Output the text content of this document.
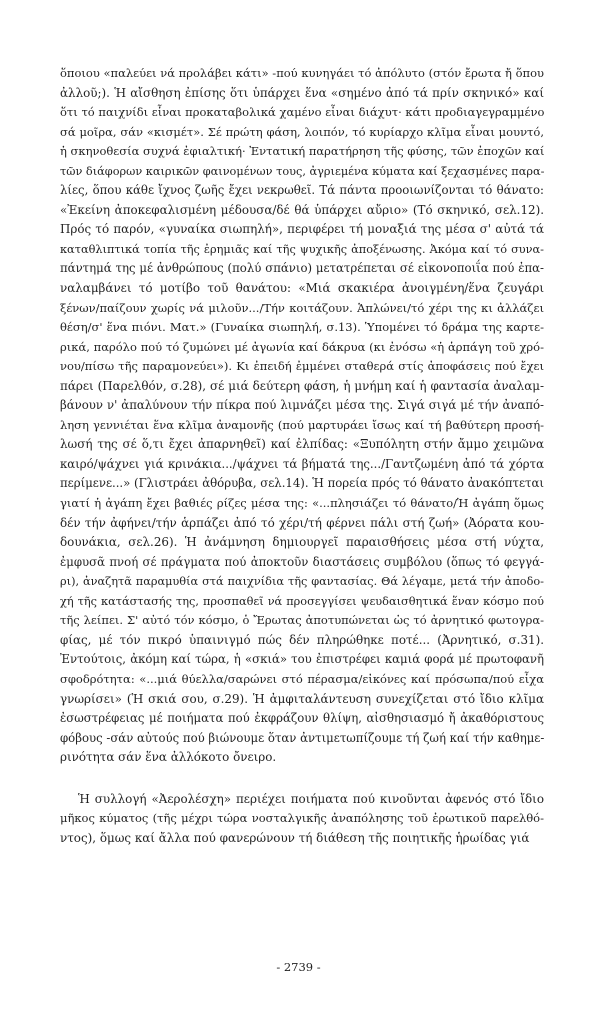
ὅποιου «παλεύει νά προλάβει κάτι» -πού κυνηγάει τό ἀπόλυτο (στόν ἔρωτα ἤ ὅπου
ἀλλοῦ;). Ἡ αἴσθηση ἐπίσης ὅτι ὑπάρχει ἕνα «σημένο ἀπό τά πρίν σκηνικό» καί
ὅτι τό παιχνίδι εἶναι προκαταβολικά χαμένο εἶναι διάχυτ· κάτι προδιαγεγραμμένο
σά μοῖρα, σάν «κισμέτ». Σέ πρώτη φάση, λοιπόν, τό κυρίαρχο κλῖμα εἶναι μουντό,
ἡ σκηνοθεσία συχνά ἐφιαλτική· Ἐντατική παρατήρηση τῆς φύσης, τῶν ἐποχῶν καί
τῶν διάφορων καιρικῶν φαινομένων τους, ἀγριεμένα κύματα καί ξεχασμένες παρα-
λίες, ὅπου κάθε ἴχνος ζωῆς ἔχει νεκρωθεῖ. Τά πάντα προοιωνίζονται τό θάνατο:
«Ἐκείνη ἀποκεφαλισμένη μέδουσα/δέ θά ὑπάρχει αὔριο» (Τό σκηνικό, σελ.12).
Πρός τό παρόν, «γυναίκα σιωπηλή», περιφέρει τή μοναξιά της μέσα σ' αὐτά τά
καταθλιπτικά τοπία τῆς ἐρημιᾶς καί τῆς ψυχικῆς ἀποξένωσης. Ἀκόμα καί τό συνα-
πάντημά της μέ ἀνθρώπους (πολύ σπάνιο) μετατρέπεται σέ εἰκονοποιΐα πού ἐπα-
ναλαμβάνει τό μοτίβο τοῦ θανάτου: «Μιά σκακιέρα ἀνοιγμένη/ἕνα ζευγάρι
ξένων/παίζουν χωρίς νά μιλοῦν.../Τήν κοιτάζουν. Ἁπλώνει/τό χέρι της κι ἀλλάζει
θέση/σ' ἕνα πιόνι. Ματ.» (Γυναίκα σιωπηλή, σ.13). Ὑπομένει τό δράμα της καρτε-
ρικά, παρόλο πού τό ζυμώνει μέ ἀγωνία καί δάκρυα (κι ἐνόσω «ἡ ἁρπάγη τοῦ χρό-
νου/πίσω τῆς παραμονεύει»). Κι ἐπειδή ἐμμένει σταθερά στίς ἀποφάσεις πού ἔχει
πάρει (Παρελθόν, σ.28), σέ μιά δεύτερη φάση, ἡ μνήμη καί ἡ φαντασία ἀναλαμ-
βάνουν ν' ἀπαλύνουν τήν πίκρα πού λιμνάζει μέσα της. Σιγά σιγά μέ τήν ἀναπό-
ληση γεννιέται ἕνα κλῖμα ἀναμονῆς (πού μαρτυράει ἴσως καί τή βαθύτερη προσή-
λωσή της σέ ὅ,τι ἔχει ἀπαρνηθεῖ) καί ἐλπίδας: «Ξυπόλητη στήν ἄμμο χειμῶνα
καιρό/ψάχνει γιά κρινάκια.../ψάχνει τά βήματά της.../Γαντζωμένη ἀπό τά χόρτα
περίμενε...» (Γλιστράει ἀθόρυβα, σελ.14). Ἡ πορεία πρός τό θάνατο ἀνακόπτεται
γιατί ἡ ἀγάπη ἔχει βαθιές ρίζες μέσα της: «...πλησιάζει τό θάνατο/Ἡ ἀγάπη ὅμως
δέν τήν ἀφήνει/τήν ἁρπάζει ἀπό τό χέρι/τή φέρνει πάλι στή ζωή» (Ἀόρατα κου-
δουνάκια, σελ.26). Ἡ ἀνάμνηση δημιουργεῖ παραισθήσεις μέσα στή νύχτα,
ἐμφυσᾶ πνοή σέ πράγματα πού ἀποκτοῦν διαστάσεις συμβόλου (ὅπως τό φεγγά-
ρι), ἀναζητᾶ παραμυθία στά παιχνίδια τῆς φαντασίας. Θά λέγαμε, μετά τήν ἀποδο-
χή τῆς κατάστασής της, προσπαθεῖ νά προσεγγίσει ψευδαισθητικά ἕναν κόσμο πού
τῆς λείπει. Σ' αὐτό τόν κόσμο, ὁ Ἔρωτας ἀποτυπώνεται ὡς τό ἀρνητικό φωτογρα-
φίας, μέ τόν πικρό ὑπαινιγμό πώς δέν πληρώθηκε ποτέ... (Ἀρνητικό, σ.31).
Ἐντούτοις, ἀκόμη καί τώρα, ἡ «σκιά» του ἐπιστρέφει καμιά φορά μέ πρωτοφανῆ
σφοδρότητα: «...μιά θύελλα/σαρώνει στό πέρασμα/εἰκόνες καί πρόσωπα/πού εἶχα
γνωρίσει» (Ἡ σκιά σου, σ.29). Ἡ ἀμφιταλάντευση συνεχίζεται στό ἴδιο κλῖμα
ἐσωστρέφειας μέ ποιήματα πού ἐκφράζουν θλίψη, αἰσθησιασμό ἤ ἀκαθόριστους
φόβους -σάν αὐτούς πού βιώνουμε ὅταν ἀντιμετωπίζουμε τή ζωή καί τήν καθημε-
ρινότητα σάν ἕνα ἀλλόκοτο ὄνειρο.
Ἡ συλλογή «Ἀερολέσχη» περιέχει ποιήματα πού κινοῦνται ἀφενός στό ἴδιο
μῆκος κύματος (τῆς μέχρι τώρα νοσταλγικῆς ἀναπόλησης τοῦ ἐρωτικοῦ παρελθό-
ντος), ὅμως καί ἄλλα πού φανερώνουν τή διάθεση τῆς ποιητικῆς ἡρωίδας γιά
- 2739 -
